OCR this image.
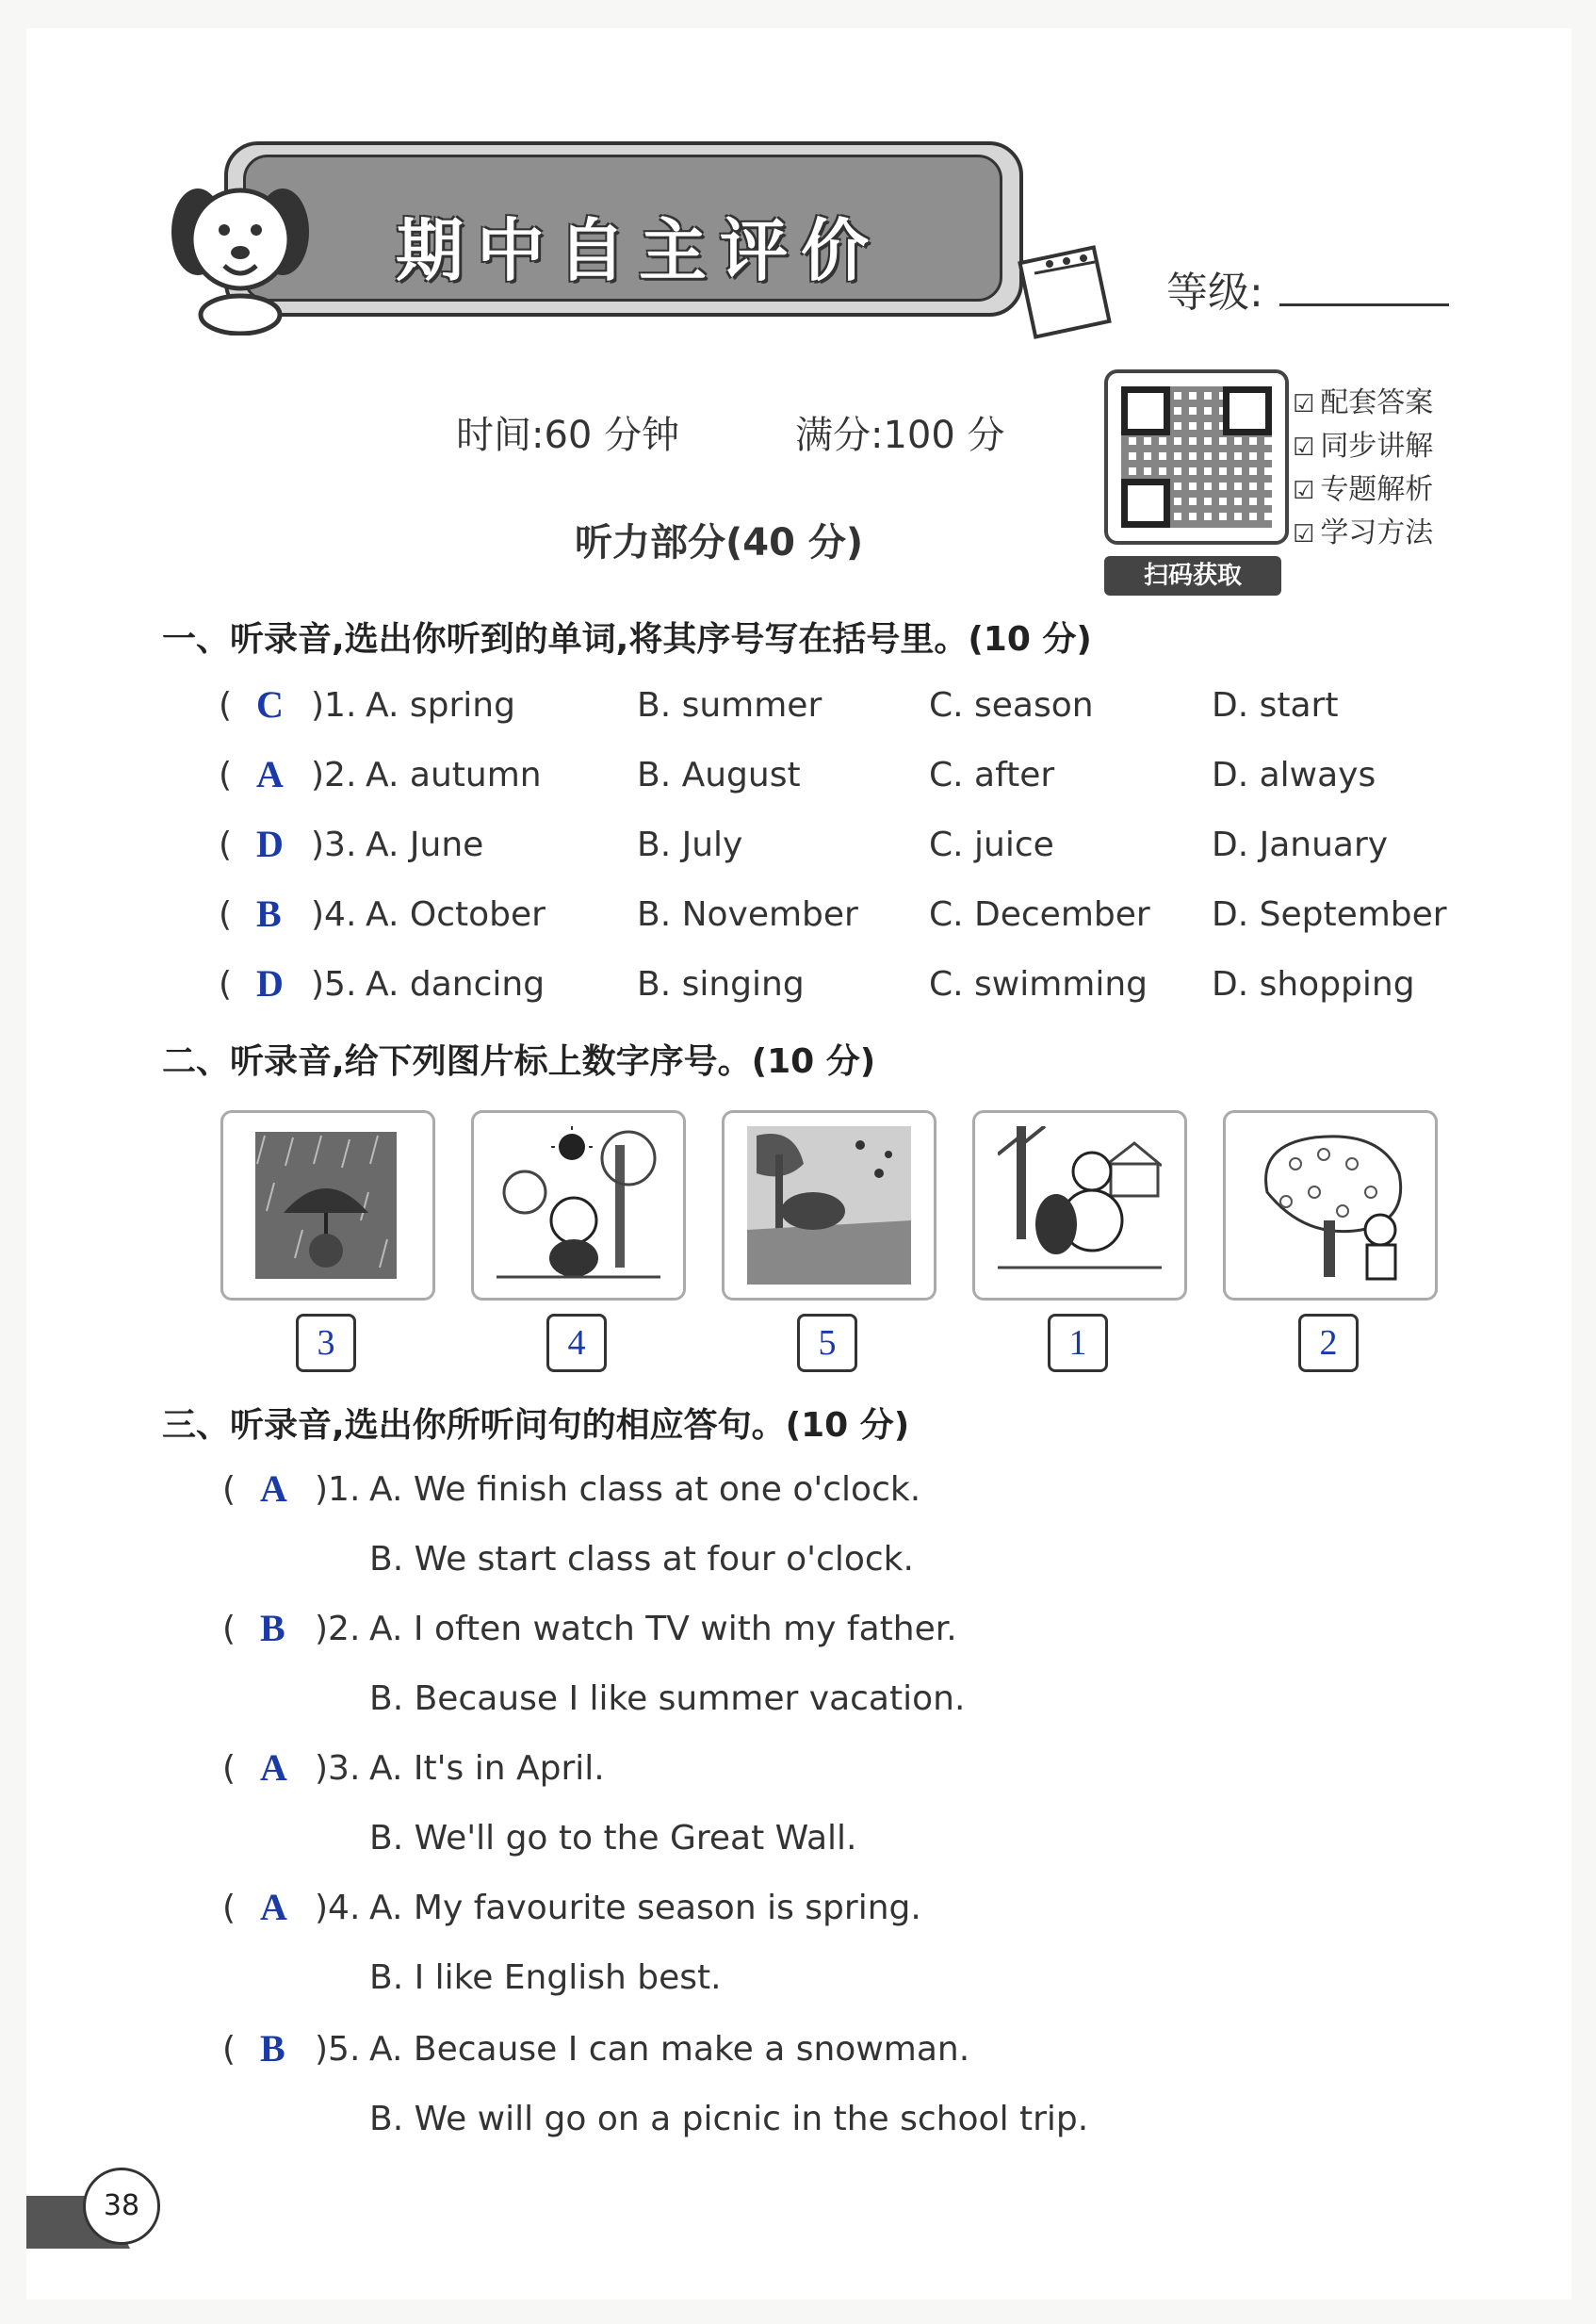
期中自主评价
等级:
时间:60 分钟	满分:100 分
听力部分(40 分)
扫码获取
☑ 配套答案
☑ 同步讲解
☑ 专题解析
☑ 学习方法
一、听录音,选出你听到的单词,将其序号写在括号里。(10 分)
( C )1. A. spring	B. summer	C. season	D. start
( A )2. A. autumn	B. August	C. after	D. always
( D )3. A. June	B. July	C. juice	D. January
( B )4. A. October	B. November C. December D. September
( D )5. A. dancing	B. singing	C. swimming D. shopping
二、听录音,给下列图片标上数字序号。(10 分)
3	4	5	1	2
三、听录音,选出你所听问句的相应答句。(10 分)
( A )1. A. We finish class at one o'clock.
B. We start class at four o'clock.
( B )2. A. I often watch TV with my father.
B. Because I like summer vacation.
( A )3. A. It's in April.
B. We'll go to the Great Wall.
( A )4. A. My favourite season is spring.
B. I like English best.
( B )5. A. Because I can make a snowman.
B. We will go on a picnic in the school trip.
38
